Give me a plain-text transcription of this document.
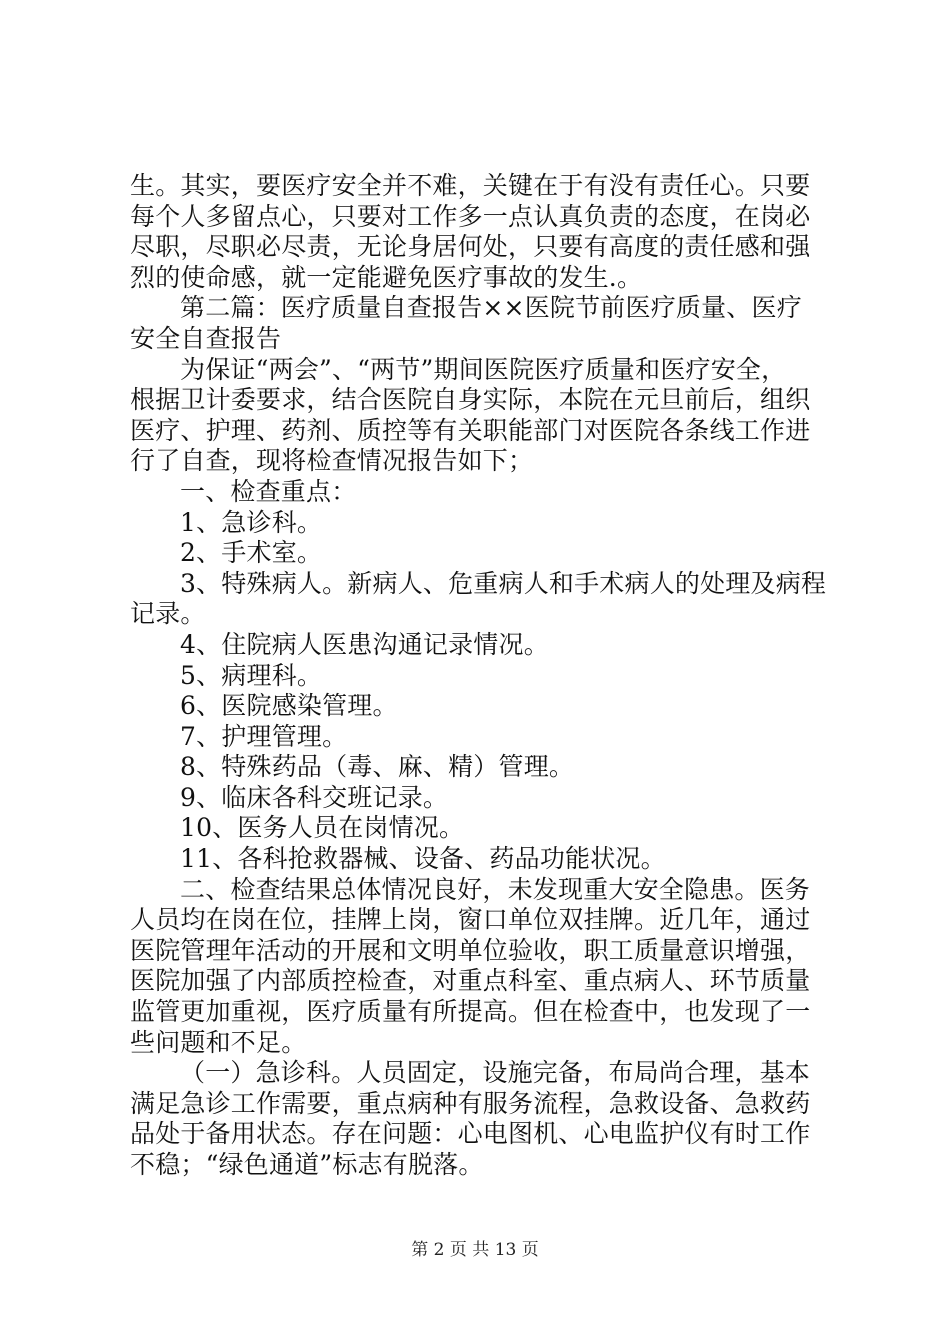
生。其实，要医疗安全并不难，关键在于有没有责任心。只要
每个人多留点心，只要对工作多一点认真负责的态度，在岗必
尽职，尽职必尽责，无论身居何处，只要有高度的责任感和强
烈的使命感，就一定能避免医疗事故的发生.。
第二篇：医疗质量自查报告××医院节前医疗质量、医疗
安全自查报告
为保证“两会”、“两节”期间医院医疗质量和医疗安全，
根据卫计委要求，结合医院自身实际，本院在元旦前后，组织
医疗、护理、药剂、质控等有关职能部门对医院各条线工作进
行了自查，现将检查情况报告如下；
一、检查重点：
1、急诊科。
2、手术室。
3、特殊病人。新病人、危重病人和手术病人的处理及病程
记录。
4、住院病人医患沟通记录情况。
5、病理科。
6、医院感染管理。
7、护理管理。
8、特殊药品（毒、麻、精）管理。
9、临床各科交班记录。
10、医务人员在岗情况。
11、各科抢救器械、设备、药品功能状况。
二、检查结果总体情况良好，未发现重大安全隐患。医务
人员均在岗在位，挂牌上岗，窗口单位双挂牌。近几年，通过
医院管理年活动的开展和文明单位验收，职工质量意识增强，
医院加强了内部质控检查，对重点科室、重点病人、环节质量
监管更加重视，医疗质量有所提高。但在检查中，也发现了一
些问题和不足。
（一）急诊科。人员固定，设施完备，布局尚合理，基本
满足急诊工作需要，重点病种有服务流程，急救设备、急救药
品处于备用状态。存在问题：心电图机、心电监护仪有时工作
不稳；“绿色通道”标志有脱落。
第 2 页 共 13 页
